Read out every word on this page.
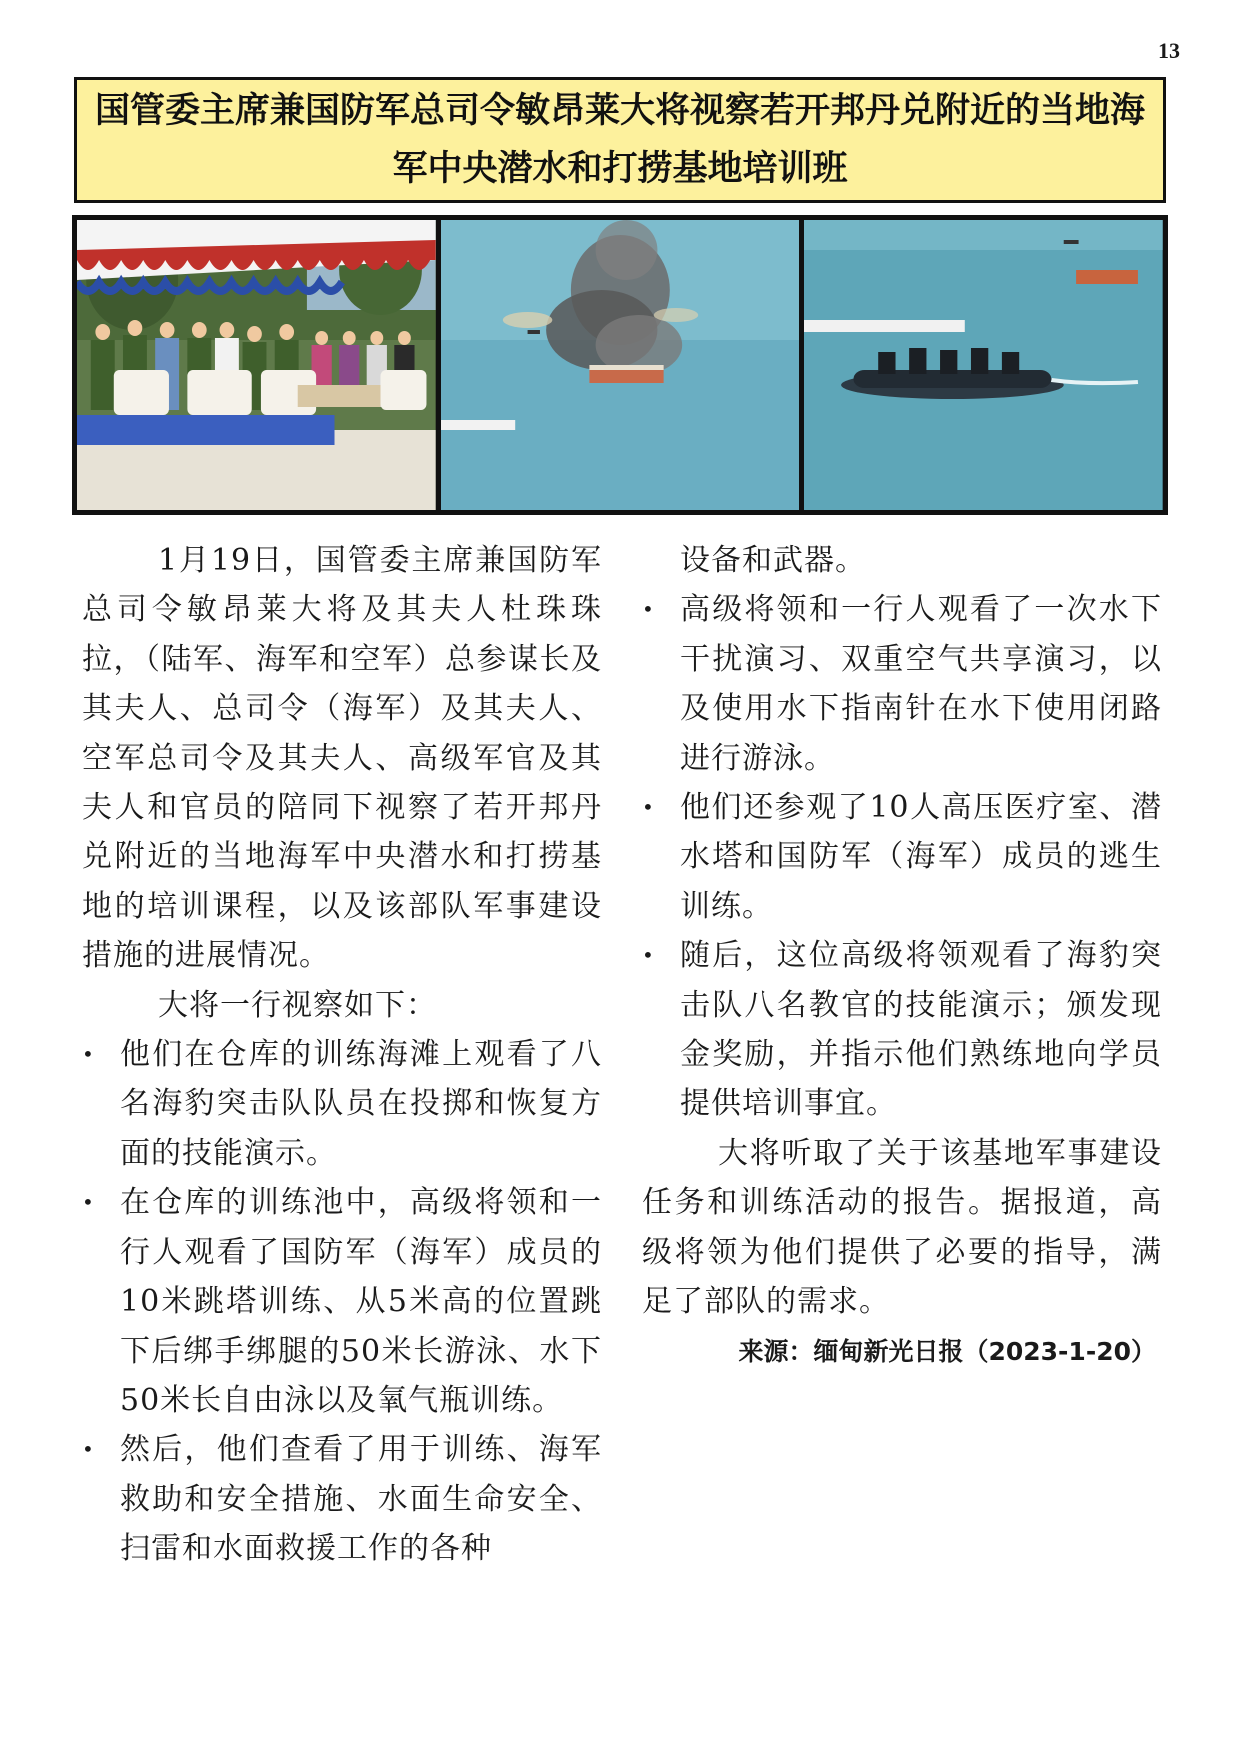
13
国管委主席兼国防军总司令敏昂莱大将视察若开邦丹兑附近的当地海军中央潜水和打捞基地培训班

1月19日，国管委主席兼国防军总司令敏昂莱大将及其夫人杜珠珠拉，（陆军、海军和空军）总参谋长及其夫人、总司令（海军）及其夫人、空军总司令及其夫人、高级军官及其夫人和官员的陪同下视察了若开邦丹兑附近的当地海军中央潜水和打捞基地的培训课程，以及该部队军事建设措施的进展情况。

大将一行视察如下：

• 他们在仓库的训练海滩上观看了八名海豹突击队队员在投掷和恢复方面的技能演示。
• 在仓库的训练池中，高级将领和一行人观看了国防军（海军）成员的10米跳塔训练、从5米高的位置跳下后绑手绑腿的50米长游泳、水下50米长自由泳以及氧气瓶训练。
• 然后，他们查看了用于训练、海军救助和安全措施、水面生命安全、扫雷和水面救援工作的各种

设备和武器。

• 高级将领和一行人观看了一次水下干扰演习、双重空气共享演习，以及使用水下指南针在水下使用闭路进行游泳。
• 他们还参观了10人高压医疗室、潜水塔和国防军（海军）成员的逃生训练。
• 随后，这位高级将领观看了海豹突击队八名教官的技能演示；颁发现金奖励，并指示他们熟练地向学员提供培训事宜。

大将听取了关于该基地军事建设任务和训练活动的报告。据报道，高级将领为他们提供了必要的指导，满足了部队的需求。

来源：缅甸新光日报（2023-1-20）
